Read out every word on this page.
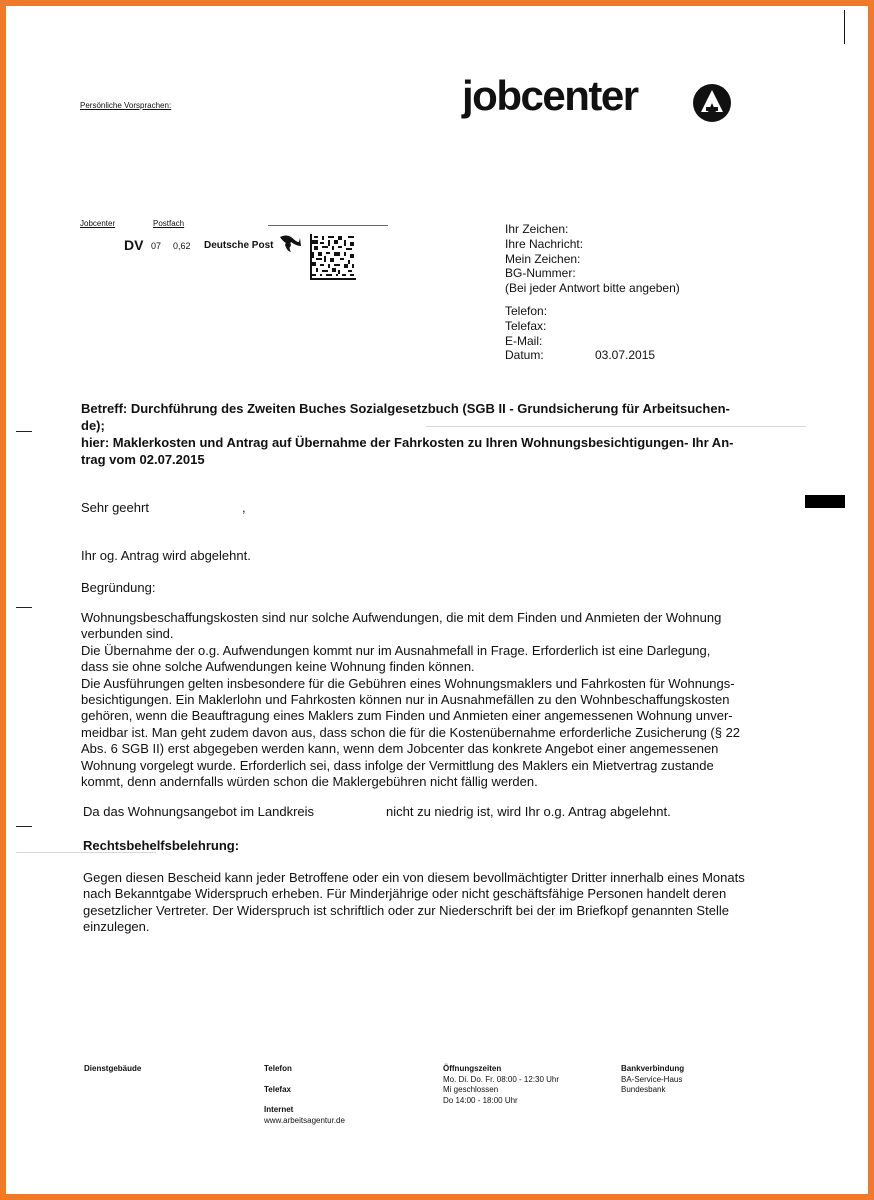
Persönliche Vorsprachen:	jobcenter
Jobcenter	Postfach
DV 07 0,62 Deutsche Post
Ihr Zeichen:
Ihre Nachricht:
Mein Zeichen:
BG-Nummer:
(Bei jeder Antwort bitte angeben)
Telefon:
Telefax:
E-Mail:
Datum:	03.07.2015
Betreff: Durchführung des Zweiten Buches Sozialgesetzbuch (SGB II - Grundsicherung für Arbeitsuchen-
de);
hier: Maklerkosten und Antrag auf Übernahme der Fahrkosten zu Ihren Wohnungsbesichtigungen- Ihr An-
trag vom 02.07.2015
Sehr geehrt	,
Ihr og. Antrag wird abgelehnt.
Begründung:
Wohnungsbeschaffungskosten sind nur solche Aufwendungen, die mit dem Finden und Anmieten der Wohnung
verbunden sind.
Die Übernahme der o.g. Aufwendungen kommt nur im Ausnahmefall in Frage. Erforderlich ist eine Darlegung,
dass sie ohne solche Aufwendungen keine Wohnung finden können.
Die Ausführungen gelten insbesondere für die Gebühren eines Wohnungsmaklers und Fahrkosten für Wohnungs-
besichtigungen. Ein Maklerlohn und Fahrkosten können nur in Ausnahmefällen zu den Wohnbeschaffungskosten
gehören, wenn die Beauftragung eines Maklers zum Finden und Anmieten einer angemessenen Wohnung unver-
meidbar ist. Man geht zudem davon aus, dass schon die für die Kostenübernahme erforderliche Zusicherung (§ 22
Abs. 6 SGB II) erst abgegeben werden kann, wenn dem Jobcenter das konkrete Angebot einer angemessenen
Wohnung vorgelegt wurde. Erforderlich sei, dass infolge der Vermittlung des Maklers ein Mietvertrag zustande
kommt, denn andernfalls würden schon die Maklergebühren nicht fällig werden.
Da das Wohnungsangebot im Landkreis	nicht zu niedrig ist, wird Ihr o.g. Antrag abgelehnt.
Rechtsbehelfsbelehrung:
Gegen diesen Bescheid kann jeder Betroffene oder ein von diesem bevollmächtigter Dritter innerhalb eines Monats
nach Bekanntgabe Widerspruch erheben. Für Minderjährige oder nicht geschäftsfähige Personen handelt deren
gesetzlicher Vertreter. Der Widerspruch ist schriftlich oder zur Niederschrift bei der im Briefkopf genannten Stelle
einzulegen.
Dienstgebäude	Telefon
Telefax
Internet
www.arbeitsagentur.de
Öffnungszeiten
Mo. Di. Do. Fr. 08:00 - 12:30 Uhr
Mi geschlossen
Do 14:00 - 18:00 Uhr
Bankverbindung
BA-Service-Haus
Bundesbank
